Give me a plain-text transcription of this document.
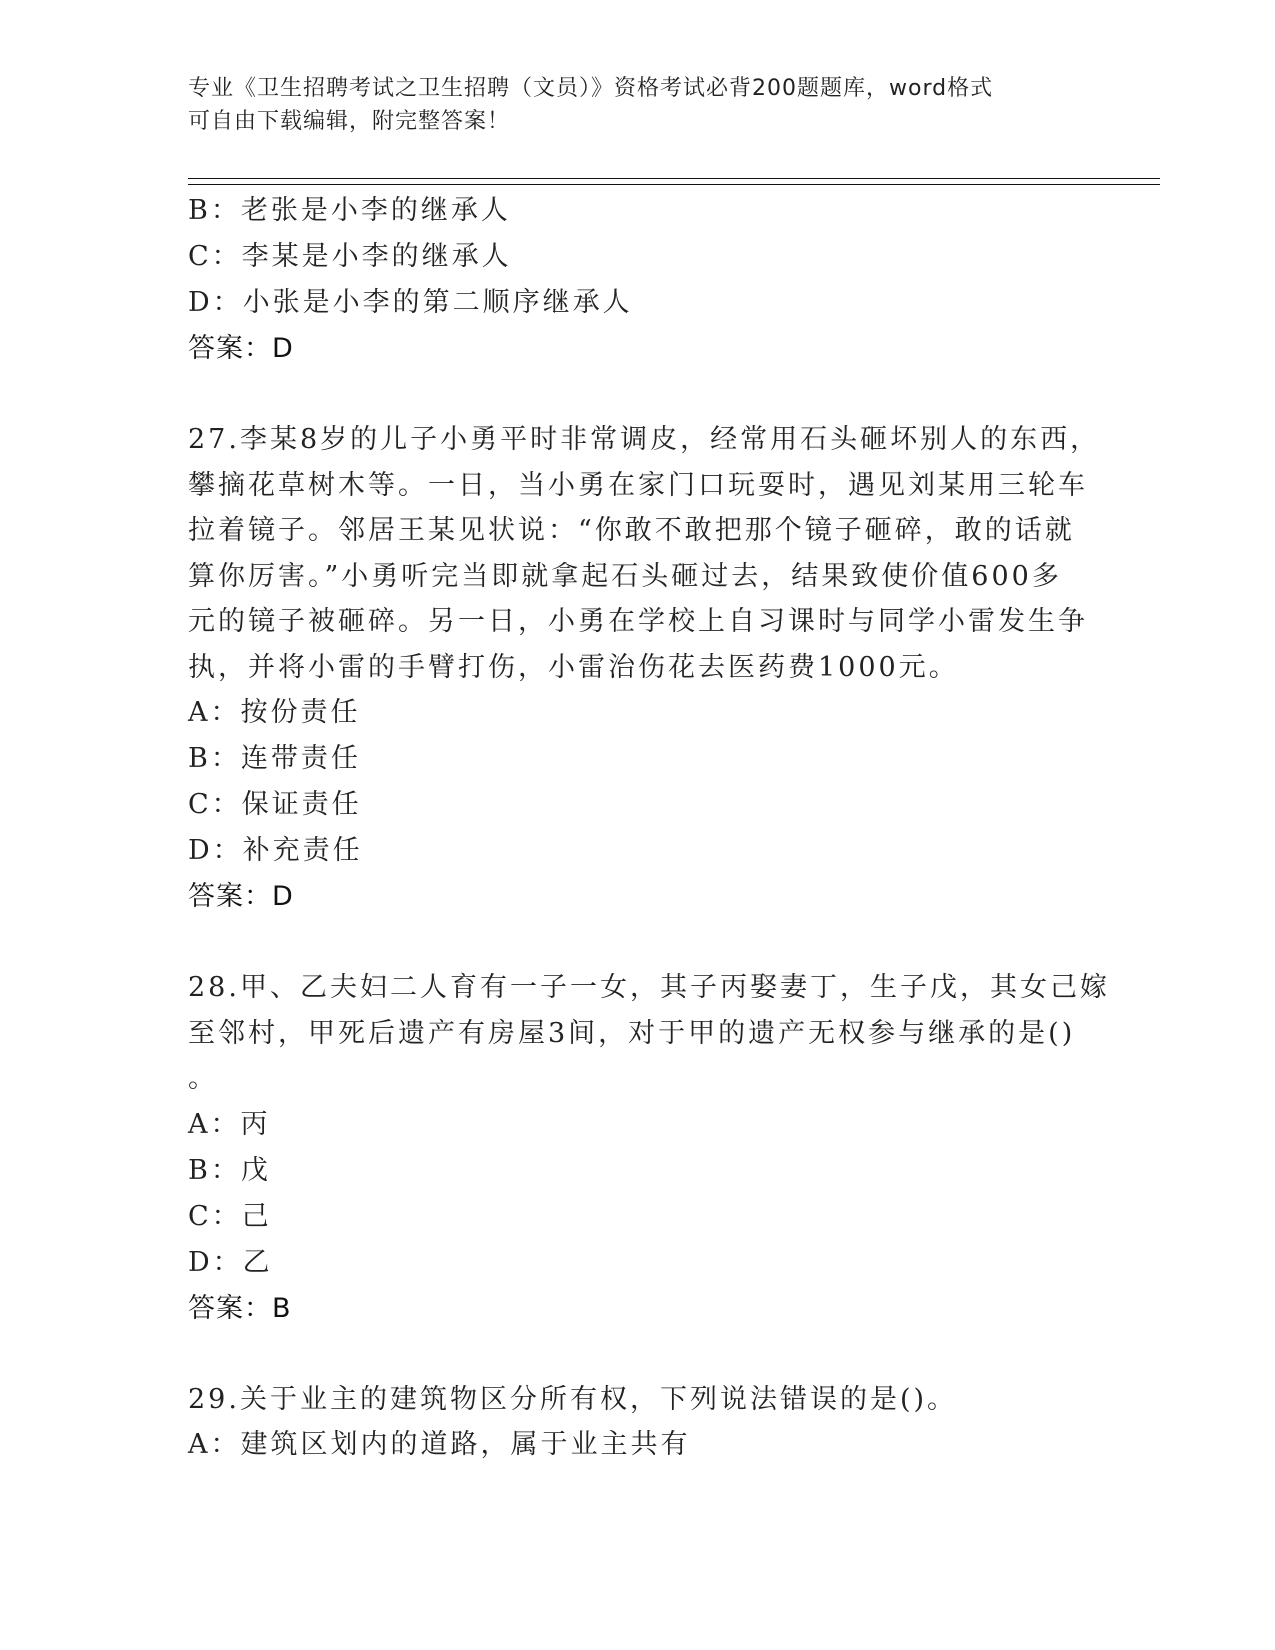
专业《卫生招聘考试之卫生招聘（文员）》资格考试必背200题题库，word格式
可自由下载编辑，附完整答案！
B：老张是小李的继承人
C：李某是小李的继承人
D：小张是小李的第二顺序继承人
答案：D
27.李某8岁的儿子小勇平时非常调皮，经常用石头砸坏别人的东西，
攀摘花草树木等。一日，当小勇在家门口玩耍时，遇见刘某用三轮车
拉着镜子。邻居王某见状说：“你敢不敢把那个镜子砸碎，敢的话就
算你厉害。”小勇听完当即就拿起石头砸过去，结果致使价值600多
元的镜子被砸碎。另一日，小勇在学校上自习课时与同学小雷发生争
执，并将小雷的手臂打伤，小雷治伤花去医药费1000元。
A：按份责任
B：连带责任
C：保证责任
D：补充责任
答案：D
28.甲、乙夫妇二人育有一子一女，其子丙娶妻丁，生子戊，其女己嫁
至邻村，甲死后遗产有房屋3间，对于甲的遗产无权参与继承的是()
。
A：丙
B：戊
C：己
D：乙
答案：B
29.关于业主的建筑物区分所有权，下列说法错误的是()。
A：建筑区划内的道路，属于业主共有
